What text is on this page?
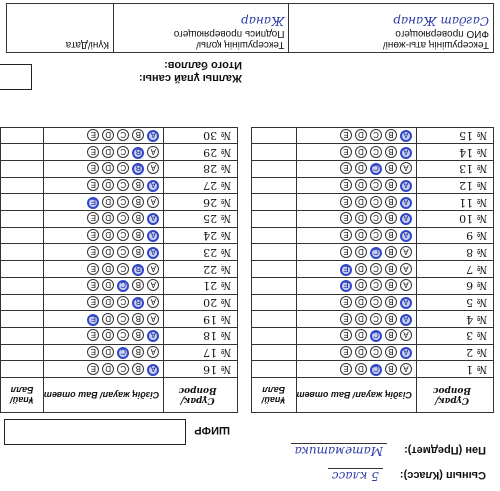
Сынып (Класс): 5 класс
Пән (Предмет): Математика
ШИФР
Сұрақ/ Вопрос	Сіздің жауап/ Ваш ответ	Ұпай/ Балл
№ 1	ABCDE	
№ 2	ABCDE	
№ 3	ABCDE	
№ 4	ABCDE	
№ 5	ABCDE	
№ 6	ABCDE	
№ 7	ABCDE	
№ 8	ABCDE	
№ 9	ABCDE	
№ 10	ABCDE	
№ 11	ABCDE	
№ 12	ABCDE	
№ 13	ABCDE	
№ 14	ABCDE	
№ 15	ABCDE	
Сұрақ/ Вопрос	Сіздің жауап/ Ваш ответ	Ұпай/ Балл
№ 16	ABCDE	
№ 17	ABCDE	
№ 18	ABCDE	
№ 19	ABCDE	
№ 20	ABCDE	
№ 21	ABCDE	
№ 22	ABCDE	
№ 23	ABCDE	
№ 24	ABCDE	
№ 25	ABCDE	
№ 26	ABCDE	
№ 27	ABCDE	
№ 28	ABCDE	
№ 29	ABCDE	
№ 30	ABCDE	
Жалпы ұпай саны:
Итого баллов:
Тексерушінің аты-жөні/
ФИО проверяющего
Сагдат Жанар

Тексерушінің қолы/
Подпись проверяющего
Жанар

Күні/Дата
